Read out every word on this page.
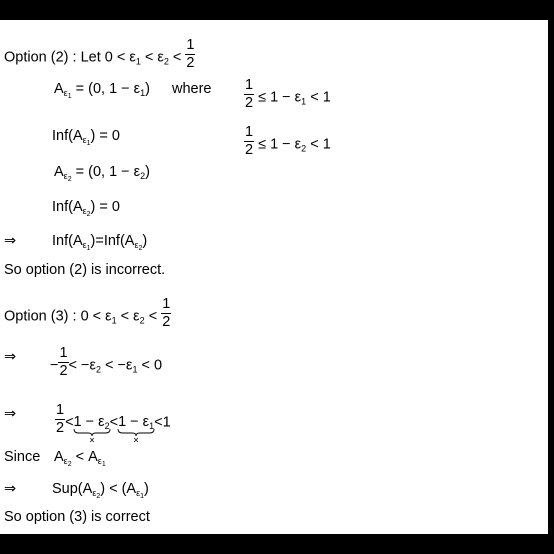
Option (2) : Let $0 < \varepsilon_1 < \varepsilon_2 < \frac{1}{2}$
$A_{\varepsilon_1} = (0$, $1 - \varepsilon_1$) where $\frac{1}{2} \le 1 - \varepsilon_1 < 1$
$Inf(A_{\varepsilon_1}) = 0$	$\frac{1}{2} \le 1 - \varepsilon_2 < 1$
$A_{\varepsilon_2} = (0$, $1 - \varepsilon_2$)
$Inf(A_{\varepsilon_2}) = 0$
⇒ $Inf(A_{\varepsilon_1})=Inf(A_{\varepsilon_2})$
So option (2) is incorrect.
Option (3) : $0 < \varepsilon_1 < \varepsilon_2 < \frac{1}{2}$
⇒
− $\frac{1}{2} < -\varepsilon_2 < -\varepsilon_1 < 0$
⇒	$\frac{1}{2} <1 - \varepsilon_2$
$<1 - \varepsilon_1$
<1
Since $A_{\varepsilon_2} < A_{\varepsilon_1}$
⇒ $Sup(A_{\varepsilon_2}) < (A_{\varepsilon_1})$
So option (3) is correct
